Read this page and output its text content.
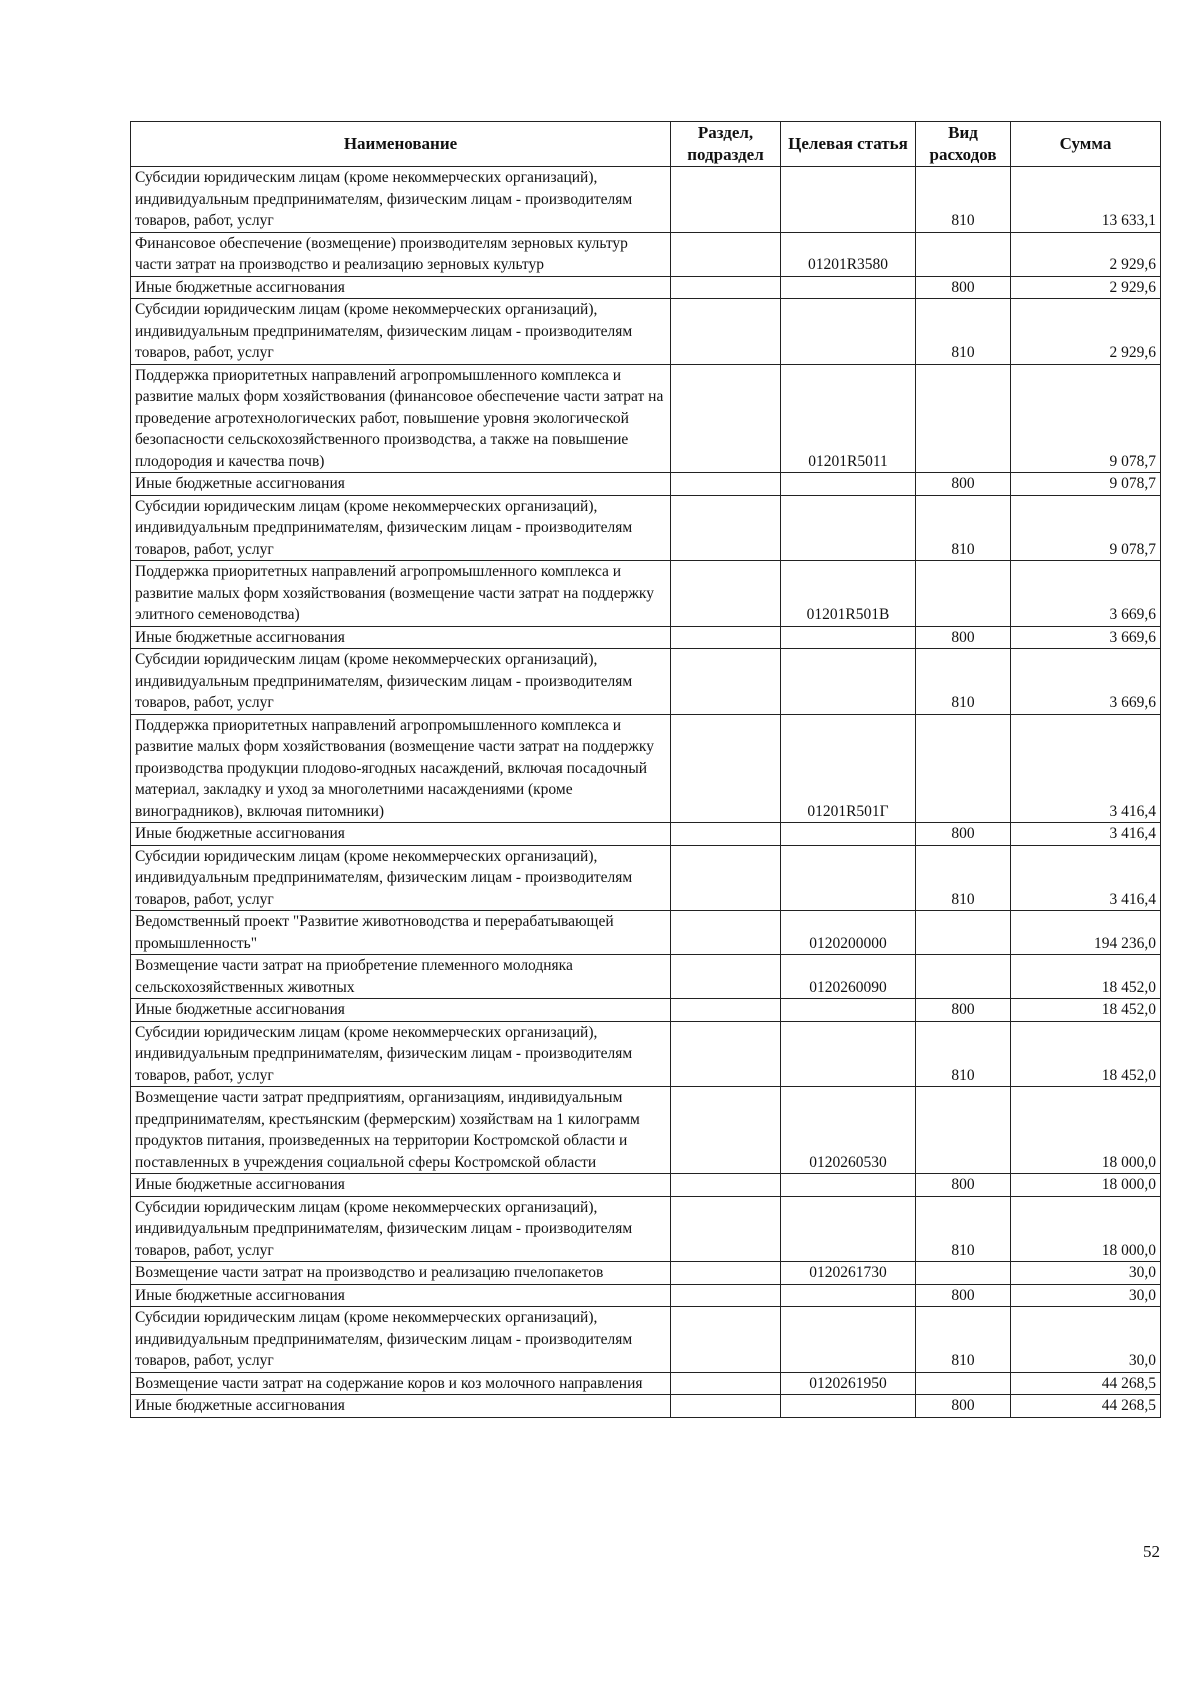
Наименование	Раздел, подраздел	Целевая статья	Вид расходов	Сумма
Субсидии юридическим лицам (кроме некоммерческих организаций), индивидуальным предпринимателям, физическим лицам - производителям товаров, работ, услуг			810	13 633,1
Финансовое обеспечение (возмещение) производителям зерновых культур части затрат на производство и реализацию зерновых культур		01201R3580		2 929,6
Иные бюджетные ассигнования			800	2 929,6
Субсидии юридическим лицам (кроме некоммерческих организаций), индивидуальным предпринимателям, физическим лицам - производителям товаров, работ, услуг			810	2 929,6
Поддержка приоритетных направлений агропромышленного комплекса и развитие малых форм хозяйствования (финансовое обеспечение части затрат на проведение агротехнологических работ, повышение уровня экологической безопасности сельскохозяйственного производства, а также на повышение плодородия и качества почв)		01201R5011		9 078,7
Иные бюджетные ассигнования			800	9 078,7
Субсидии юридическим лицам (кроме некоммерческих организаций), индивидуальным предпринимателям, физическим лицам - производителям товаров, работ, услуг			810	9 078,7
Поддержка приоритетных направлений агропромышленного комплекса и развитие малых форм хозяйствования (возмещение части затрат на поддержку элитного семеноводства)		01201R501B		3 669,6
Иные бюджетные ассигнования			800	3 669,6
Субсидии юридическим лицам (кроме некоммерческих организаций), индивидуальным предпринимателям, физическим лицам - производителям товаров, работ, услуг			810	3 669,6
Поддержка приоритетных направлений агропромышленного комплекса и развитие малых форм хозяйствования (возмещение части затрат на поддержку производства продукции плодово-ягодных насаждений, включая посадочный материал, закладку и уход за многолетними насаждениями (кроме виноградников), включая питомники)		01201R501Г		3 416,4
Иные бюджетные ассигнования			800	3 416,4
Субсидии юридическим лицам (кроме некоммерческих организаций), индивидуальным предпринимателям, физическим лицам - производителям товаров, работ, услуг			810	3 416,4
Ведомственный проект "Развитие животноводства и перерабатывающей промышленность"		0120200000		194 236,0
Возмещение части затрат на приобретение племенного молодняка сельскохозяйственных животных		0120260090		18 452,0
Иные бюджетные ассигнования			800	18 452,0
Субсидии юридическим лицам (кроме некоммерческих организаций), индивидуальным предпринимателям, физическим лицам - производителям товаров, работ, услуг			810	18 452,0
Возмещение части затрат предприятиям, организациям, индивидуальным предпринимателям, крестьянским (фермерским) хозяйствам на 1 килограмм продуктов питания, произведенных на территории Костромской области и поставленных в учреждения социальной сферы Костромской области		0120260530		18 000,0
Иные бюджетные ассигнования			800	18 000,0
Субсидии юридическим лицам (кроме некоммерческих организаций), индивидуальным предпринимателям, физическим лицам - производителям товаров, работ, услуг			810	18 000,0
Возмещение части затрат на производство и реализацию пчелопакетов		0120261730		30,0
Иные бюджетные ассигнования			800	30,0
Субсидии юридическим лицам (кроме некоммерческих организаций), индивидуальным предпринимателям, физическим лицам - производителям товаров, работ, услуг			810	30,0
Возмещение части затрат на содержание коров и коз молочного направления		0120261950		44 268,5
Иные бюджетные ассигнования			800	44 268,5
52
